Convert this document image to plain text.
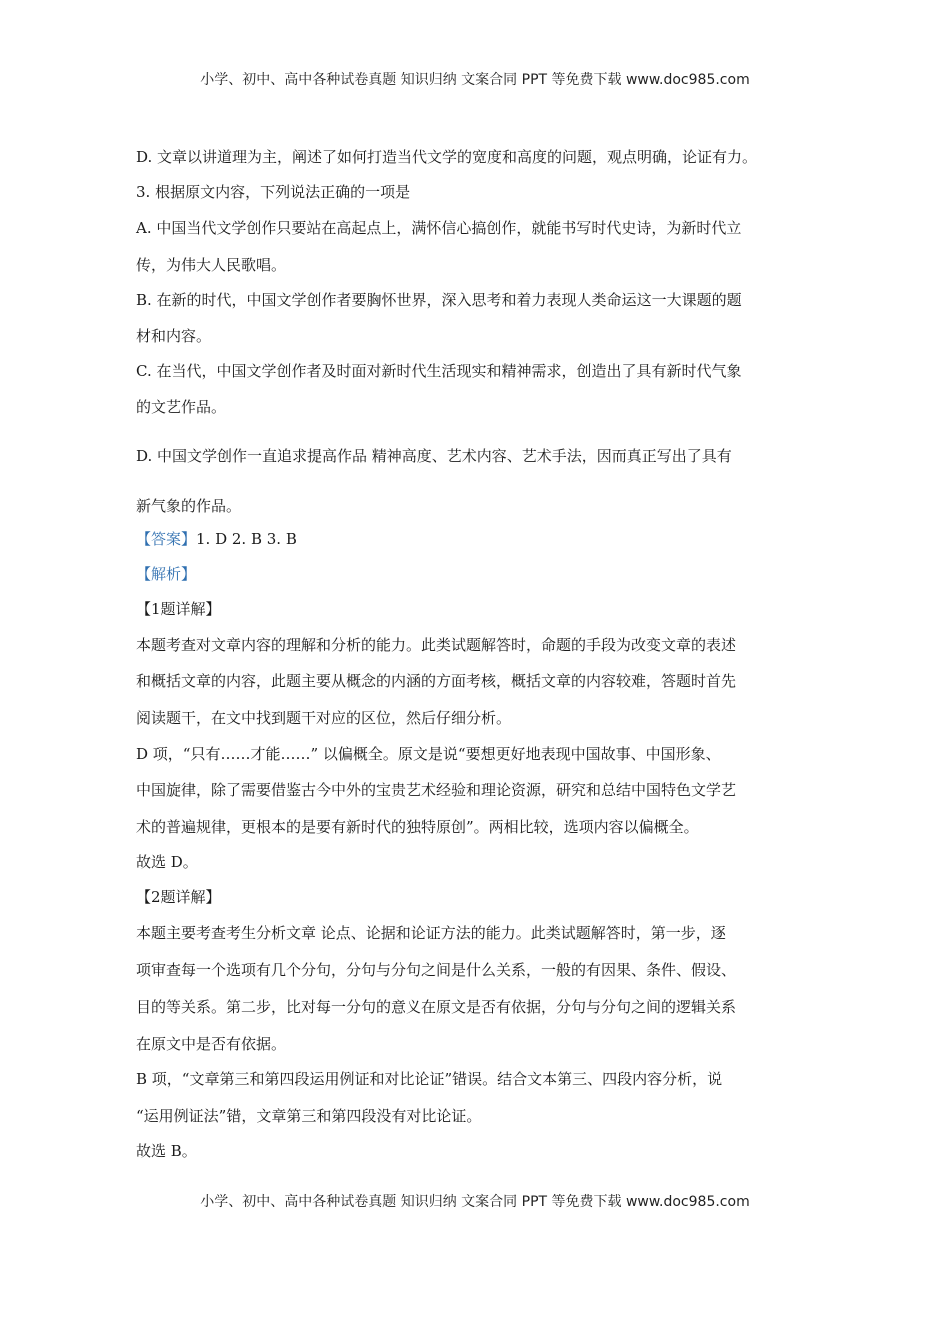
小学、初中、高中各种试卷真题 知识归纳 文案合同 PPT 等免费下载 www.doc985.com
D. 文章以讲道理为主，阐述了如何打造当代文学的宽度和高度的问题，观点明确，论证有力。
3. 根据原文内容，下列说法正确的一项是
A. 中国当代文学创作只要站在高起点上，满怀信心搞创作，就能书写时代史诗，为新时代立
传，为伟大人民歌唱。
B. 在新的时代，中国文学创作者要胸怀世界，深入思考和着力表现人类命运这一大课题的题
材和内容。
C. 在当代，中国文学创作者及时面对新时代生活现实和精神需求，创造出了具有新时代气象
的文艺作品。
D. 中国文学创作一直追求提高作品 精神高度、艺术内容、艺术手法，因而真正写出了具有
新气象的作品。
【答案】1. D 2. B 3. B
【解析】
【1题详解】
本题考查对文章内容的理解和分析的能力。此类试题解答时，命题的手段为改变文章的表述
和概括文章的内容，此题主要从概念的内涵的方面考核，概括文章的内容较难，答题时首先
阅读题干，在文中找到题干对应的区位，然后仔细分析。
D 项，“只有……才能……” 以偏概全。原文是说“要想更好地表现中国故事、中国形象、
中国旋律，除了需要借鉴古今中外的宝贵艺术经验和理论资源，研究和总结中国特色文学艺
术的普遍规律，更根本的是要有新时代的独特原创”。两相比较，选项内容以偏概全。
故选 D。
【2题详解】
本题主要考查考生分析文章 论点、论据和论证方法的能力。此类试题解答时，第一步，逐
项审查每一个选项有几个分句，分句与分句之间是什么关系，一般的有因果、条件、假设、
目的等关系。第二步，比对每一分句的意义在原文是否有依据，分句与分句之间的逻辑关系
在原文中是否有依据。
B 项，“文章第三和第四段运用例证和对比论证”错误。结合文本第三、四段内容分析，说
“运用例证法”错，文章第三和第四段没有对比论证。
故选 B。
小学、初中、高中各种试卷真题 知识归纳 文案合同 PPT 等免费下载 www.doc985.com
